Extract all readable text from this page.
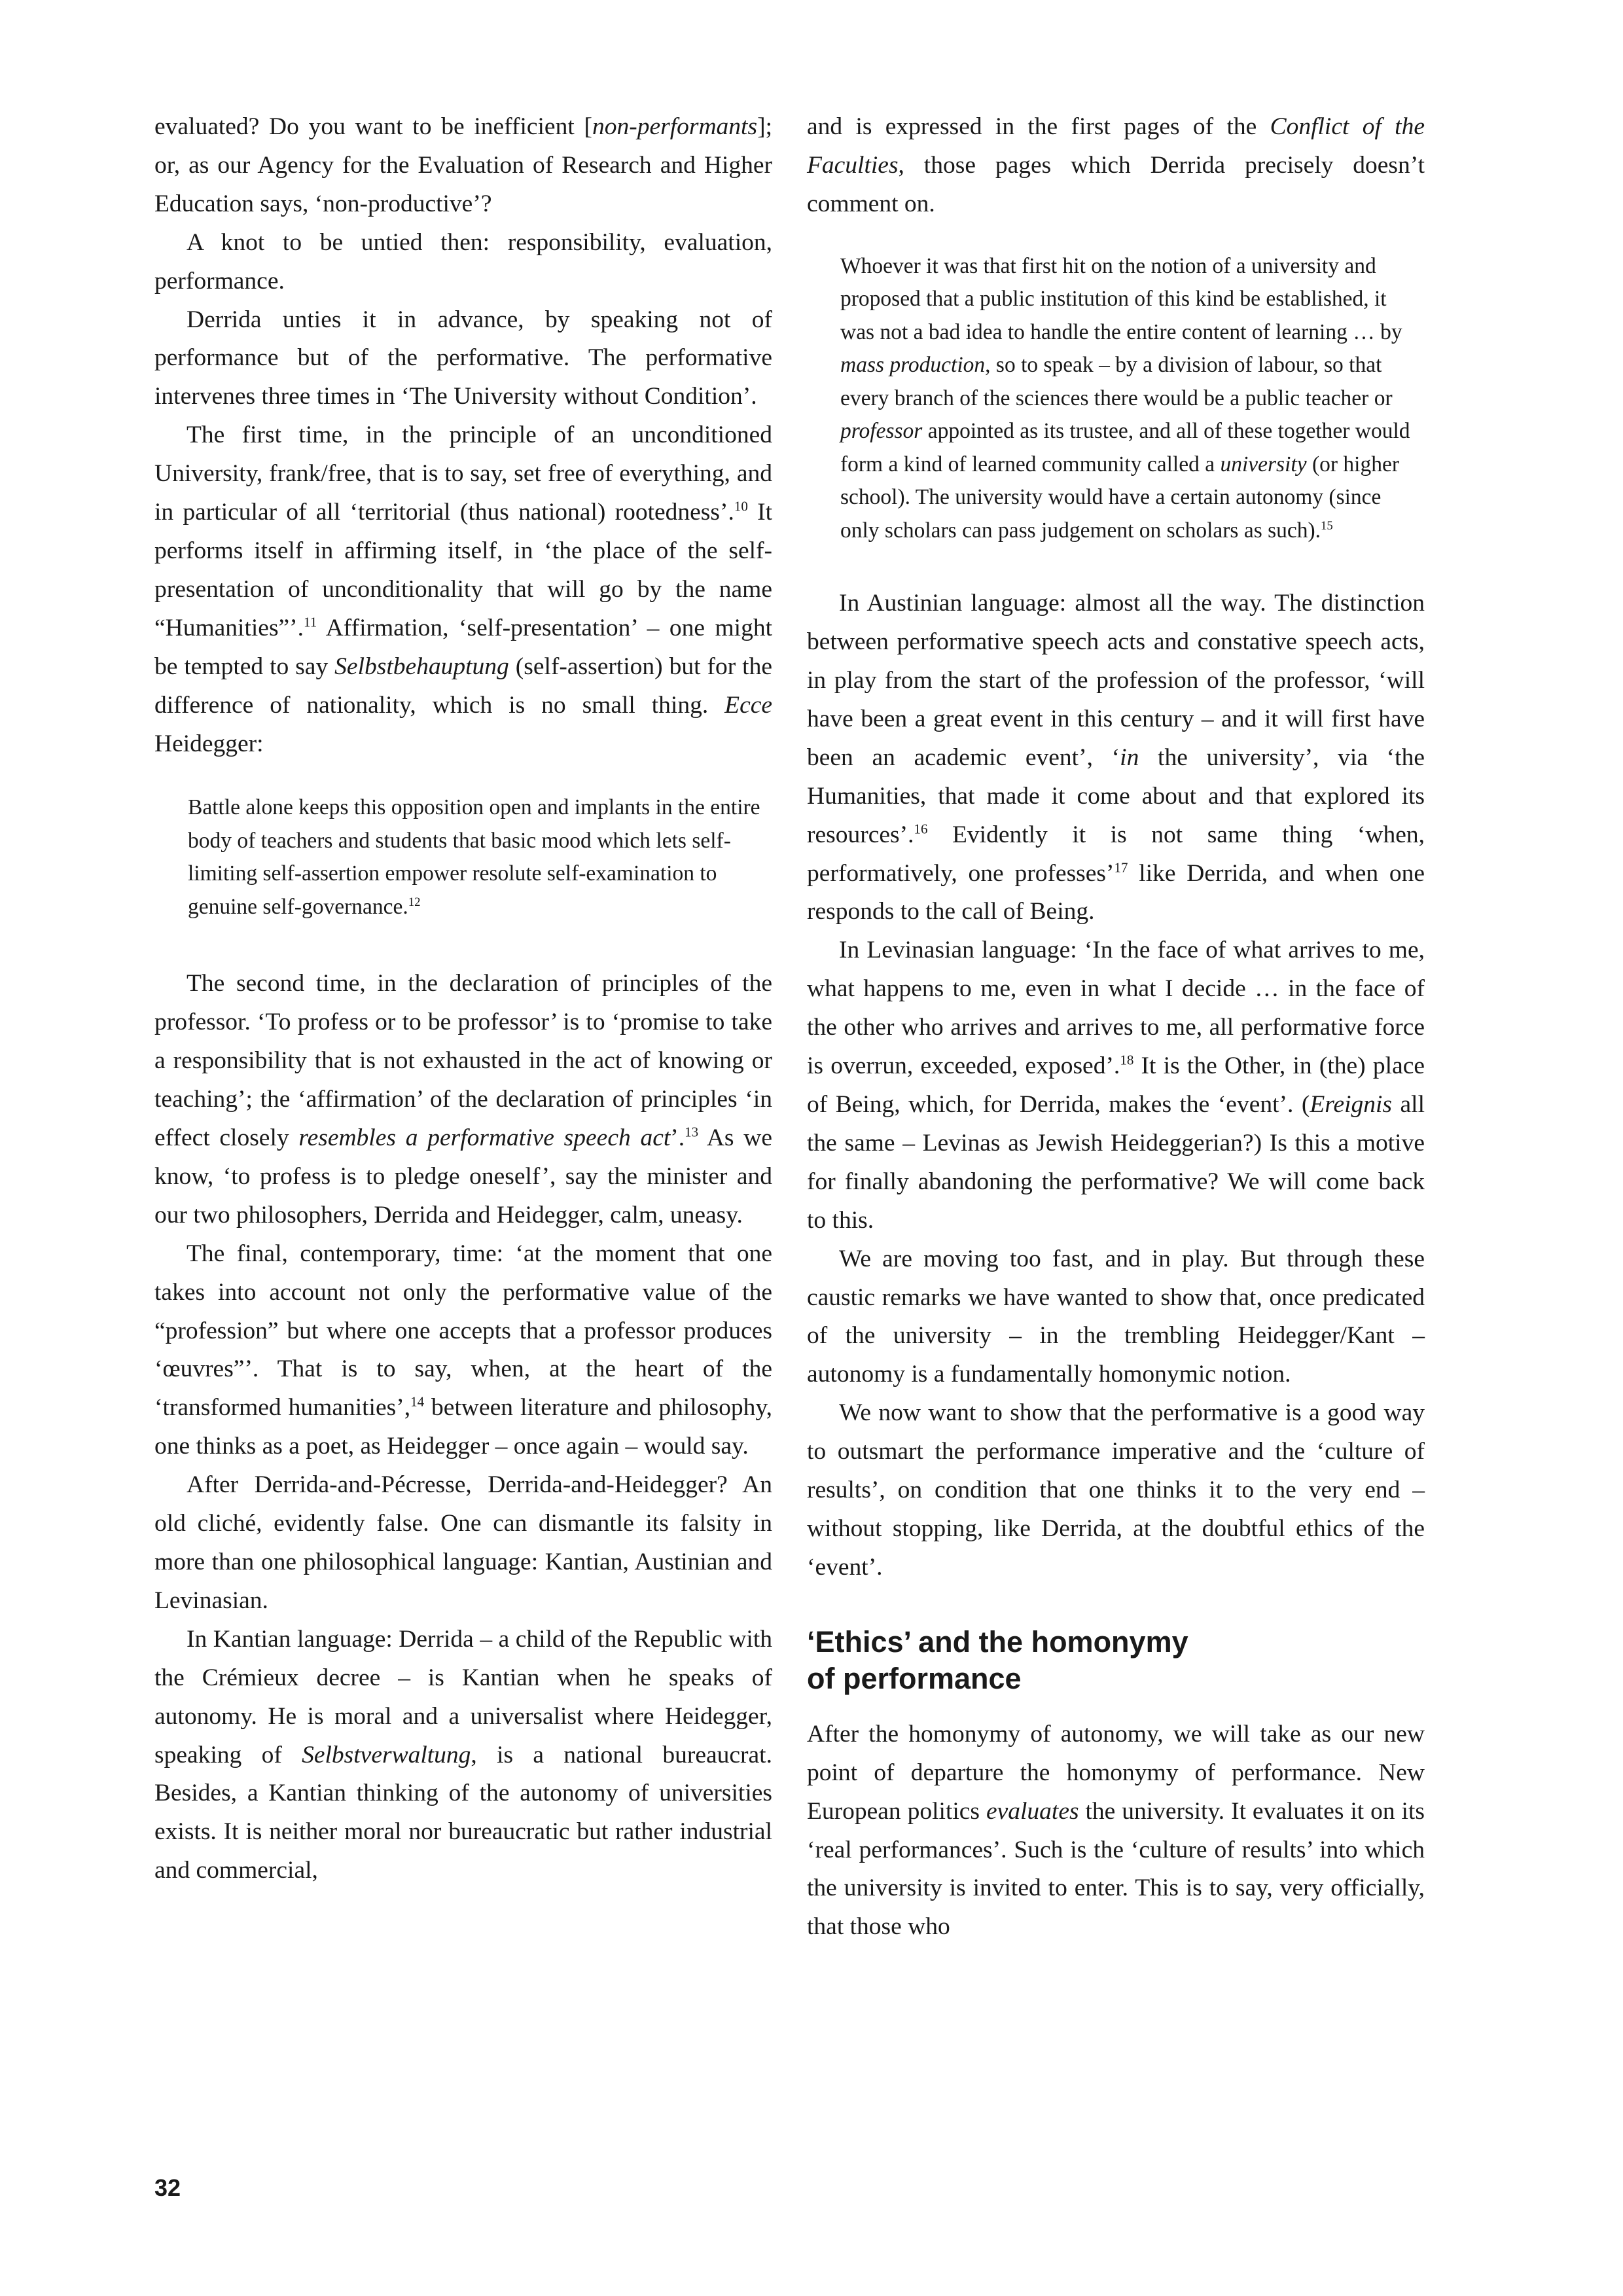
evaluated? Do you want to be inefficient [non-performants]; or, as our Agency for the Evaluation of Research and Higher Education says, ‘non-productive’?

A knot to be untied then: responsibility, evaluation, performance.

Derrida unties it in advance, by speaking not of performance but of the performative. The performative intervenes three times in ‘The University without Condition’.

The first time, in the principle of an unconditioned University, frank/free, that is to say, set free of everything, and in particular of all ‘territorial (thus national) rootedness’.$^{10}$ It performs itself in affirming itself, in ‘the place of the self-presentation of unconditionality that will go by the name “Humanities”’.$^{11}$ Affirmation, ‘self-presentation’ – one might be tempted to say Selbstbehauptung (self-assertion) but for the difference of nationality, which is no small thing. Ecce Heidegger:

Battle alone keeps this opposition open and implants in the entire body of teachers and students that basic mood which lets self-limiting self-assertion empower resolute self-examination to genuine self-governance.$^{12}$

The second time, in the declaration of principles of the professor. ‘To profess or to be professor’ is to ‘promise to take a responsibility that is not exhausted in the act of knowing or teaching’; the ‘affirmation’ of the declaration of principles ‘in effect closely resembles a performative speech act’.$^{13}$ As we know, ‘to profess is to pledge oneself’, say the minister and our two philosophers, Derrida and Heidegger, calm, uneasy.

The final, contemporary, time: ‘at the moment that one takes into account not only the performative value of the “profession” but where one accepts that a professor produces ‘œuvres”’. That is to say, when, at the heart of the ‘transformed humanities’,$^{14}$ between literature and philosophy, one thinks as a poet, as Heidegger – once again – would say.

After Derrida-and-Pécresse, Derrida-and-Heidegger? An old cliché, evidently false. One can dismantle its falsity in more than one philosophical language: Kantian, Austinian and Levinasian.

In Kantian language: Derrida – a child of the Republic with the Crémieux decree – is Kantian when he speaks of autonomy. He is moral and a universalist where Heidegger, speaking of Selbstverwaltung, is a national bureaucrat. Besides, a Kantian thinking of the autonomy of universities exists. It is neither moral nor bureaucratic but rather industrial and commercial,

and is expressed in the first pages of the Conflict of the Faculties, those pages which Derrida precisely doesn’t comment on.

Whoever it was that first hit on the notion of a university and proposed that a public institution of this kind be established, it was not a bad idea to handle the entire content of learning … by mass production, so to speak – by a division of labour, so that every branch of the sciences there would be a public teacher or professor appointed as its trustee, and all of these together would form a kind of learned community called a university (or higher school). The university would have a certain autonomy (since only scholars can pass judgement on scholars as such).$^{15}$

In Austinian language: almost all the way. The distinction between performative speech acts and constative speech acts, in play from the start of the profession of the professor, ‘will have been a great event in this century – and it will first have been an academic event’, ‘in the university’, via ‘the Humanities, that made it come about and that explored its resources’.$^{16}$ Evidently it is not same thing ‘when, performatively, one professes’$^{17}$ like Derrida, and when one responds to the call of Being.

In Levinasian language: ‘In the face of what arrives to me, what happens to me, even in what I decide … in the face of the other who arrives and arrives to me, all performative force is overrun, exceeded, exposed’.$^{18}$ It is the Other, in (the) place of Being, which, for Derrida, makes the ‘event’. (Ereignis all the same – Levinas as Jewish Heideggerian?) Is this a motive for finally abandoning the performative? We will come back to this.

We are moving too fast, and in play. But through these caustic remarks we have wanted to show that, once predicated of the university – in the trembling Heidegger/Kant – autonomy is a fundamentally homonymic notion.

We now want to show that the performative is a good way to outsmart the performance imperative and the ‘culture of results’, on condition that one thinks it to the very end – without stopping, like Derrida, at the doubtful ethics of the ‘event’.

‘Ethics’ and the homonymy
of performance

After the homonymy of autonomy, we will take as our new point of departure the homonymy of performance. New European politics evaluates the university. It evaluates it on its ‘real performances’. Such is the ‘culture of results’ into which the university is invited to enter. This is to say, very officially, that those who

32
